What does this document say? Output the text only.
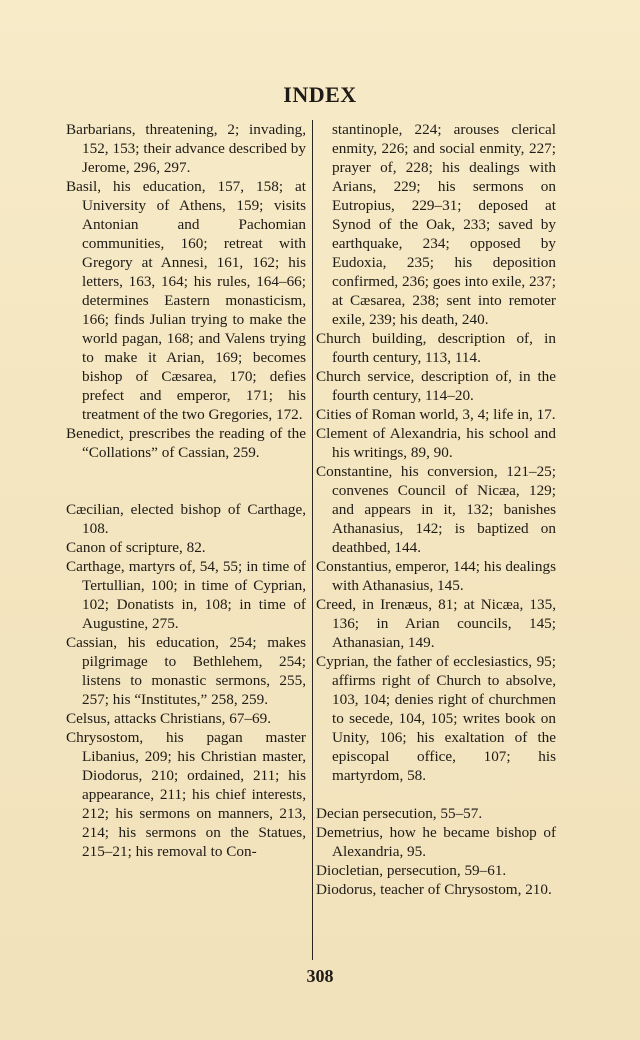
INDEX

Barbarians, threatening, 2; invading, 152, 153; their advance described by Jerome, 296, 297.

Basil, his education, 157, 158; at University of Athens, 159; visits Antonian and Pachomian communities, 160; retreat with Gregory at Annesi, 161, 162; his letters, 163, 164; his rules, 164–66; determines Eastern monasticism, 166; finds Julian trying to make the world pagan, 168; and Valens trying to make it Arian, 169; becomes bishop of Cæsarea, 170; defies prefect and emperor, 171; his treatment of the two Gregories, 172.

Benedict, prescribes the reading of the “Collations” of Cassian, 259.

Cæcilian, elected bishop of Carthage, 108.

Canon of scripture, 82.

Carthage, martyrs of, 54, 55; in time of Tertullian, 100; in time of Cyprian, 102; Donatists in, 108; in time of Augustine, 275.

Cassian, his education, 254; makes pilgrimage to Bethlehem, 254; listens to monastic sermons, 255, 257; his “Institutes,” 258, 259.

Celsus, attacks Christians, 67–69.

Chrysostom, his pagan master Libanius, 209; his Christian master, Diodorus, 210; ordained, 211; his appearance, 211; his chief interests, 212; his sermons on manners, 213, 214; his sermons on the Statues, 215–21; his removal to Con-

stantinople, 224; arouses clerical enmity, 226; and social enmity, 227; prayer of, 228; his dealings with Arians, 229; his sermons on Eutropius, 229–31; deposed at Synod of the Oak, 233; saved by earthquake, 234; opposed by Eudoxia, 235; his deposition confirmed, 236; goes into exile, 237; at Cæsarea, 238; sent into remoter exile, 239; his death, 240.

Church building, description of, in fourth century, 113, 114.

Church service, description of, in the fourth century, 114–20.

Cities of Roman world, 3, 4; life in, 17.

Clement of Alexandria, his school and his writings, 89, 90.

Constantine, his conversion, 121–25; convenes Council of Nicæa, 129; and appears in it, 132; banishes Athanasius, 142; is baptized on deathbed, 144.

Constantius, emperor, 144; his dealings with Athanasius, 145.

Creed, in Irenæus, 81; at Nicæa, 135, 136; in Arian councils, 145; Athanasian, 149.

Cyprian, the father of ecclesiastics, 95; affirms right of Church to absolve, 103, 104; denies right of churchmen to secede, 104, 105; writes book on Unity, 106; his exaltation of the episcopal office, 107; his martyrdom, 58.

Decian persecution, 55–57.

Demetrius, how he became bishop of Alexandria, 95.

Diocletian, persecution, 59–61.

Diodorus, teacher of Chrysostom, 210.

308
